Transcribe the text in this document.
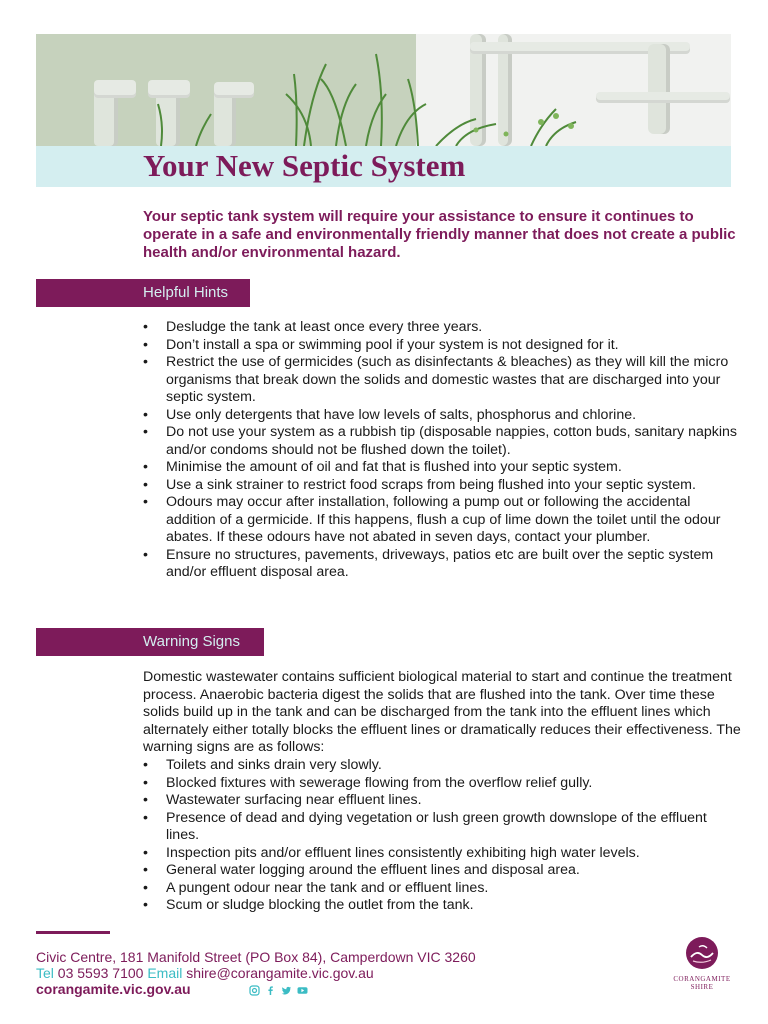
Your New Septic System

Your septic tank system will require your assistance to ensure it continues to operate in a safe and environmentally friendly manner that does not create a public health and/or environmental hazard.

Helpful Hints
• Desludge the tank at least once every three years.
• Don’t install a spa or swimming pool if your system is not designed for it.
• Restrict the use of germicides (such as disinfectants & bleaches) as they will kill the micro organisms that break down the solids and domestic wastes that are discharged into your septic system.
• Use only detergents that have low levels of salts, phosphorus and chlorine.
• Do not use your system as a rubbish tip (disposable nappies, cotton buds, sanitary napkins and/or condoms should not be flushed down the toilet).
• Minimise the amount of oil and fat that is flushed into your septic system.
• Use a sink strainer to restrict food scraps from being flushed into your septic system.
• Odours may occur after installation, following a pump out or following the accidental addition of a germicide. If this happens, flush a cup of lime down the toilet until the odour abates. If these odours have not abated in seven days, contact your plumber.
• Ensure no structures, pavements, driveways, patios etc are built over the septic system and/or effluent disposal area.
Warning Signs

Domestic wastewater contains sufficient biological material to start and continue the treatment process. Anaerobic bacteria digest the solids that are flushed into the tank. Over time these solids build up in the tank and can be discharged from the tank into the effluent lines which alternately either totally blocks the effluent lines or dramatically reduces their effectiveness. The warning signs are as follows:

• Toilets and sinks drain very slowly.
• Blocked fixtures with sewerage flowing from the overflow relief gully.
• Wastewater surfacing near effluent lines.
• Presence of dead and dying vegetation or lush green growth downslope of the effluent lines.
• Inspection pits and/or effluent lines consistently exhibiting high water levels.
• General water logging around the effluent lines and disposal area.
• A pungent odour near the tank and or effluent lines.
• Scum or sludge blocking the outlet from the tank.
Civic Centre, 181 Manifold Street (PO Box 84), Camperdown VIC 3260
Tel 03 5593 7100 Email shire@corangamite.vic.gov.au
corangamite.vic.gov.au
CORANGAMITE
SHIRE
